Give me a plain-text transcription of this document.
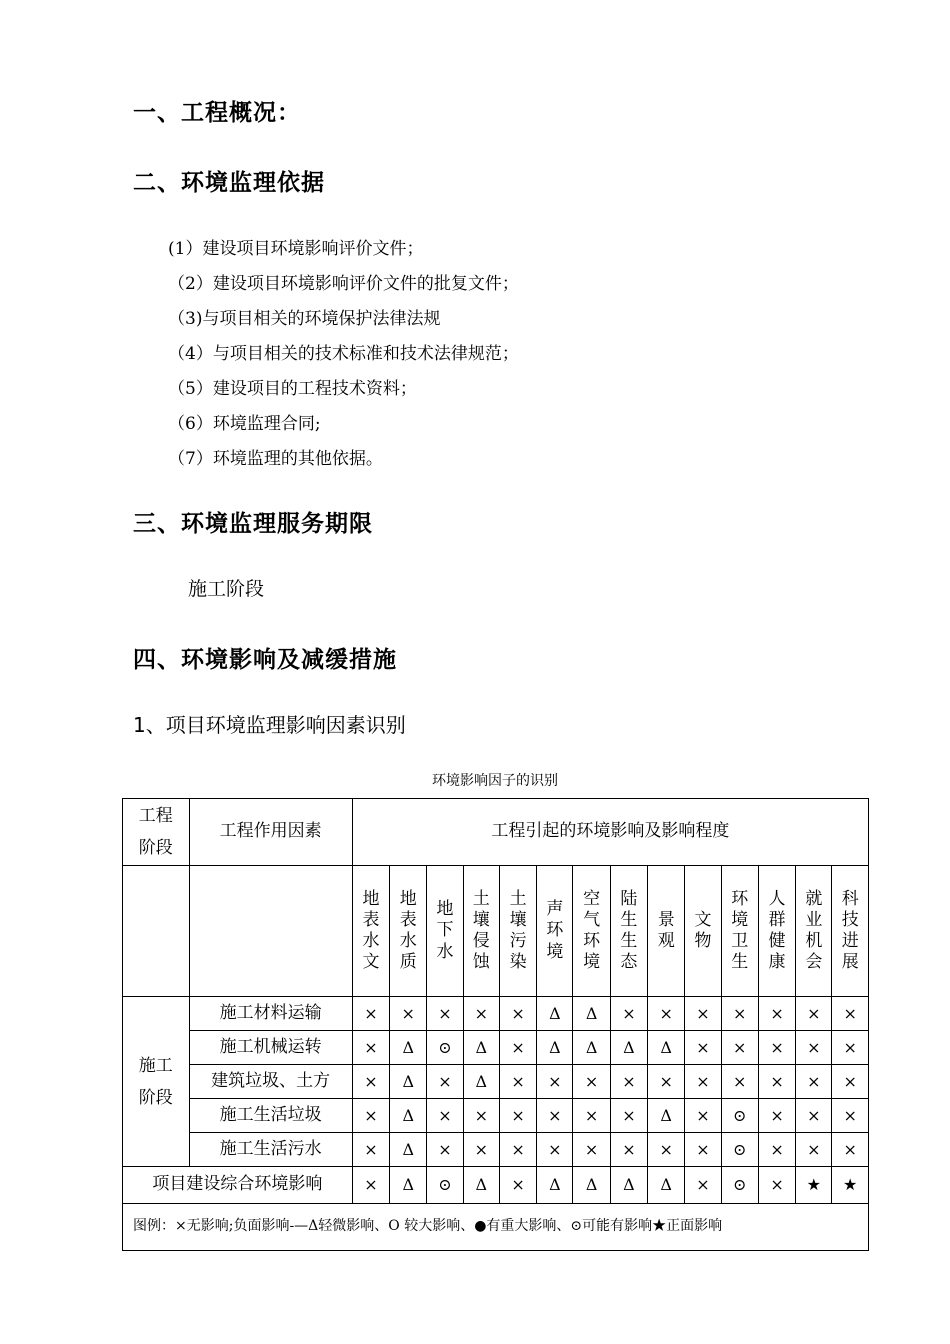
一、工程概况：
二、环境监理依据
(1）建设项目环境影响评价文件；
（2）建设项目环境影响评价文件的批复文件；
（3)与项目相关的环境保护法律法规
（4）与项目相关的技术标准和技术法律规范；
（5）建设项目的工程技术资料；
（6）环境监理合同;
（7）环境监理的其他依据。
三、环境监理服务期限
施工阶段
四、环境影响及减缓措施
1、项目环境监理影响因素识别
环境影响因子的识别
工程阶段	工程作用因素	工程引起的环境影响及影响程度													
		地表水文	地表水质	地下水	土壤侵蚀	土壤污染	声环境	空气环境	陆生生态	景观	文物	环境卫生	人群健康	就业机会	科技进展
施工阶段	施工材料运输	×	×	×	×	×	Δ	Δ	×	×	×	×	×	×	×
	施工机械运转	×	Δ	⊙	Δ	×	Δ	Δ	Δ	Δ	×	×	×	×	×
	建筑垃圾、土方	×	Δ	×	Δ	×	×	×	×	×	×	×	×	×	×
	施工生活垃圾	×	Δ	×	×	×	×	×	×	Δ	×	⊙	×	×	×
	施工生活污水	×	Δ	×	×	×	×	×	×	×	×	⊙	×	×	×
项目建设综合环境影响		×	Δ	⊙	Δ	×	Δ	Δ	Δ	Δ	×	⊙	×	★	★
图例：×无影响;负面影响-—Δ轻微影响、O 较大影响、●有重大影响、⊙可能有影响★正面影响															
